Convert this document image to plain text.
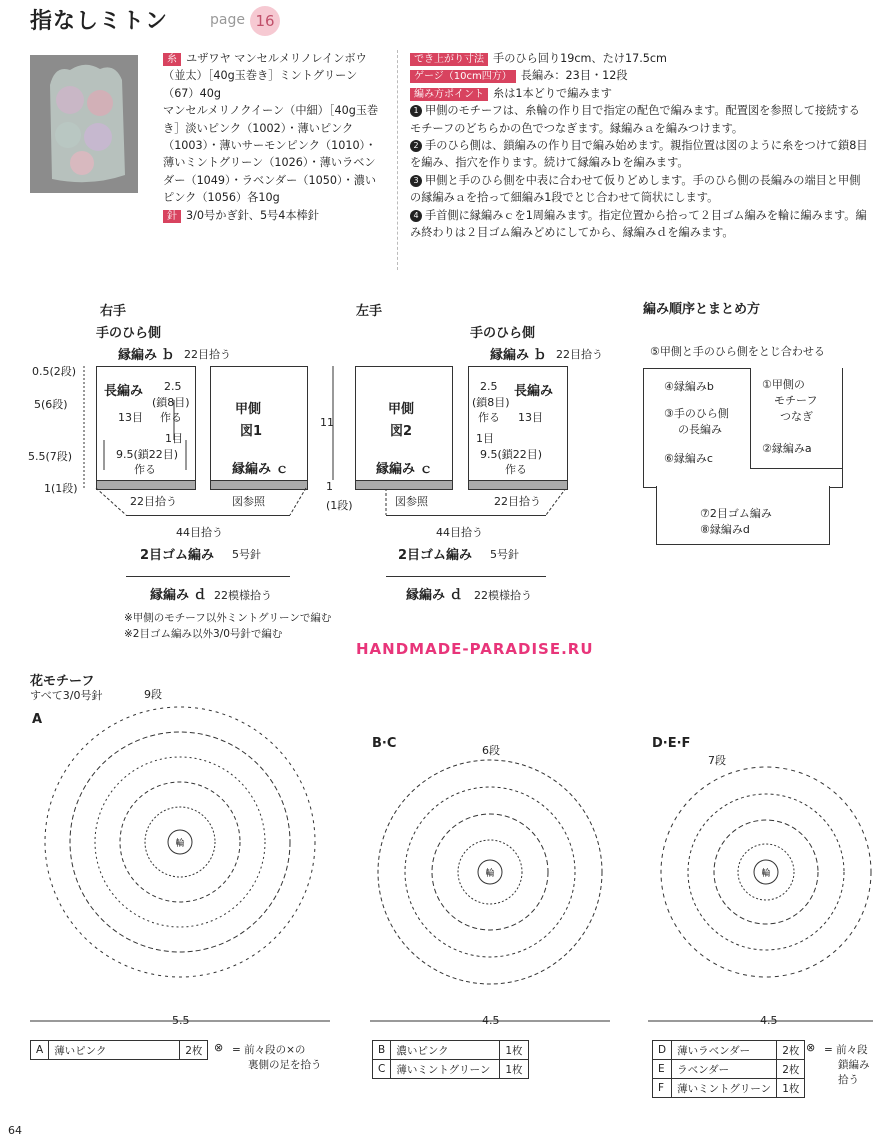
指なしミトン	page 16
糸 ユザワヤ マンセルメリノレインボウ（並太）［40g玉巻き］ミントグリーン（67）40g
マンセルメリノクイーン（中細）［40g玉巻き］淡いピンク（1002）・薄いピンク（1003）・薄いサーモンピンク（1010）・薄いミントグリーン（1026）・薄いラベンダー（1049）・ラベンダー（1050）・濃いピンク（1056）各10g
針 3/0号かぎ針、5号4本棒針
でき上がり寸法 手のひら回り19cm、たけ17.5cm
ゲージ（10cm四方） 長編み：23目・12段
編み方ポイント 糸は1本どりで編みます

1 甲側のモチーフは、糸輪の作り目で指定の配色で編みます。配置図を参照して接続するモチーフのどちらかの色でつなぎます。縁編みａを編みつけます。

2 手のひら側は、鎖編みの作り目で編み始めます。親指位置は図のように糸をつけて鎖8目を編み、指穴を作ります。続けて縁編みｂを編みます。

3 甲側と手のひら側を中表に合わせて仮りどめします。手のひら側の長編みの端目と甲側の縁編みａを拾って細編み1段でとじ合わせて筒状にします。

4 手首側に縁編みｃを1周編みます。指定位置から拾って２目ゴム編みを輪に編みます。編み終わりは２目ゴム編みどめにしてから、縁編みｄを編みます。

右手
手のひら側
縁編み ｂ 22目拾う
長編み 2.5
(鎖8目)
作る
13目
1目
9.5(鎖22目)
作る
甲側
図1
縁編み ｃ
22目拾う	図参照
0.5(2段)
5(6段)
5.5(7段)
1(1段)
11
左手
手のひら側
縁編み ｂ 22目拾う
甲側
図2
縁編み ｃ
2.5 長編み
(鎖8目)
作る 13目
1目
9.5(鎖22目)
作る
図参照	22目拾う
1
(1段)
44目拾う
2目ゴム編み 5号針
縁編み ｄ 22模様拾う
44目拾う
2目ゴム編み 5号針
縁編み ｄ 22模様拾う
※甲側のモチーフ以外ミントグリーンで編む
※2目ゴム編み以外3/0号針で編む
編み順序とまとめ方
⑤甲側と手のひら側をとじ合わせる
④縁編みb
③手のひら側
の長編み
⑥縁編みc
①甲側の
モチーフ
つなぎ
②縁編みa
⑦2目ゴム編み
⑧縁編みd
HANDMADE-PARADISE.RU
花モチーフ
すべて3/0号針
A
9段
輪
5.5
B·C	6段
輪
4.5
D·E·F
7段
輪
4.5
A	薄いピンク	2枚 ⊗ = 前々段の×の
裏側の足を拾う
B	濃いピンク	1枚
C	薄いミントグリーン	1枚
D	薄いラベンダー	2枚
E	ラベンダー	2枚
F	薄いミントグリーン	1枚
⊗ = 前々段
鎖編み
拾う
64
